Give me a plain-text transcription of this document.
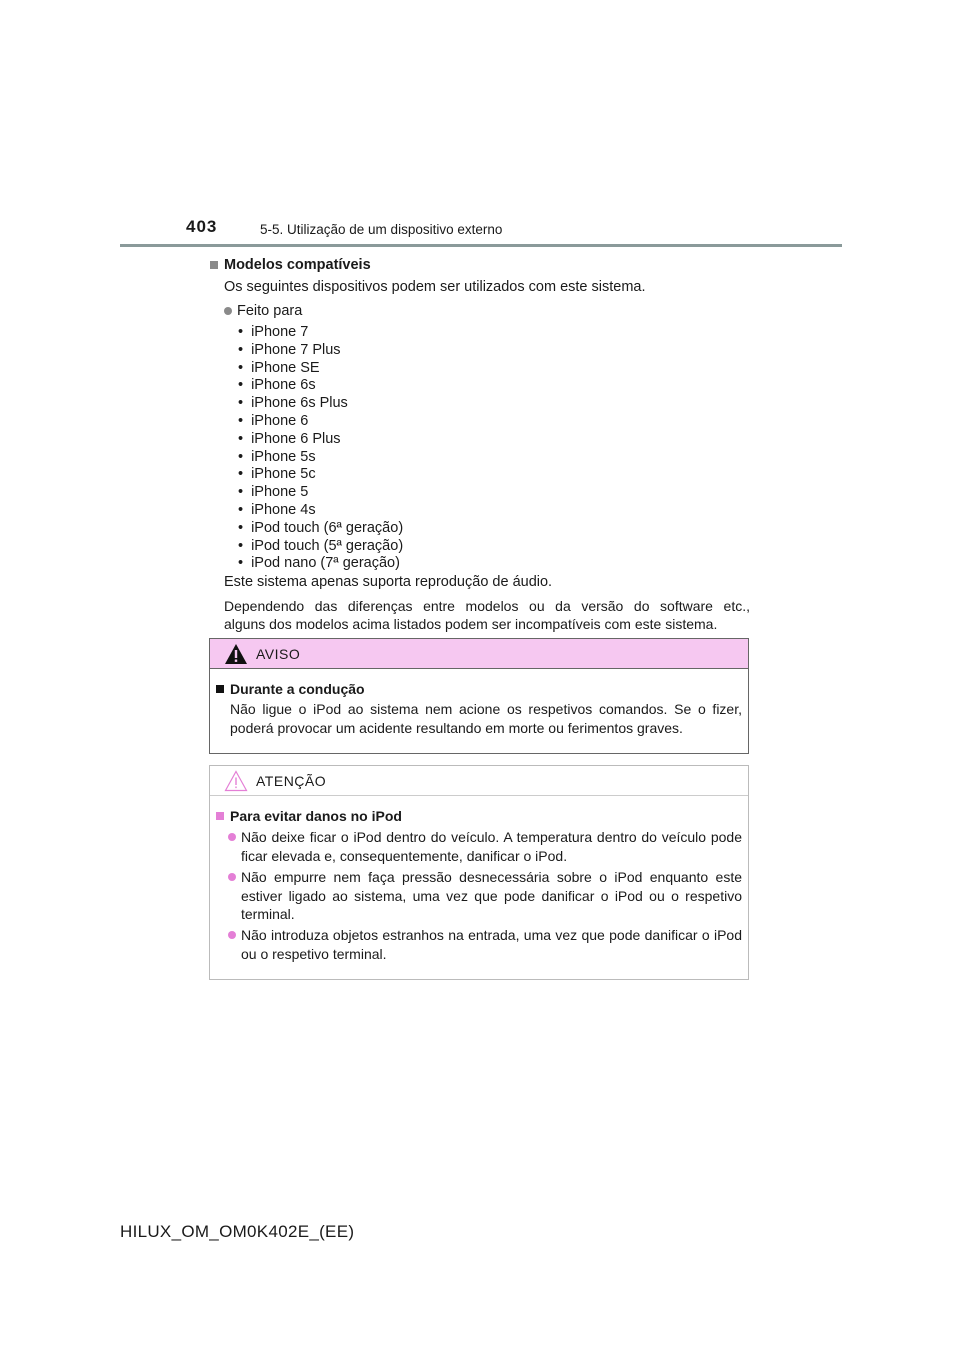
403	5-5. Utilização de um dispositivo externo
Modelos compatíveis
Os seguintes dispositivos podem ser utilizados com este sistema.
Feito para
• iPhone 7
• iPhone 7 Plus
• iPhone SE
• iPhone 6s
• iPhone 6s Plus
• iPhone 6
• iPhone 6 Plus
• iPhone 5s
• iPhone 5c
• iPhone 5
• iPhone 4s
• iPod touch (6ª geração)
• iPod touch (5ª geração)
• iPod nano (7ª geração)
Este sistema apenas suporta reprodução de áudio.
Dependendo das diferenças entre modelos ou da versão do software etc.,
alguns dos modelos acima listados podem ser incompatíveis com este sistema.
AVISO
Durante a condução
Não ligue o iPod ao sistema nem acione os respetivos comandos. Se o fizer, poderá provocar um acidente resultando em morte ou ferimentos graves.
ATENÇÃO
Para evitar danos no iPod
Não deixe ficar o iPod dentro do veículo. A temperatura dentro do veículo pode ficar elevada e, consequentemente, danificar o iPod.
Não empurre nem faça pressão desnecessária sobre o iPod enquanto este estiver ligado ao sistema, uma vez que pode danificar o iPod ou o respetivo terminal.
Não introduza objetos estranhos na entrada, uma vez que pode danificar o iPod ou o respetivo terminal.
HILUX_OM_OM0K402E_(EE)
